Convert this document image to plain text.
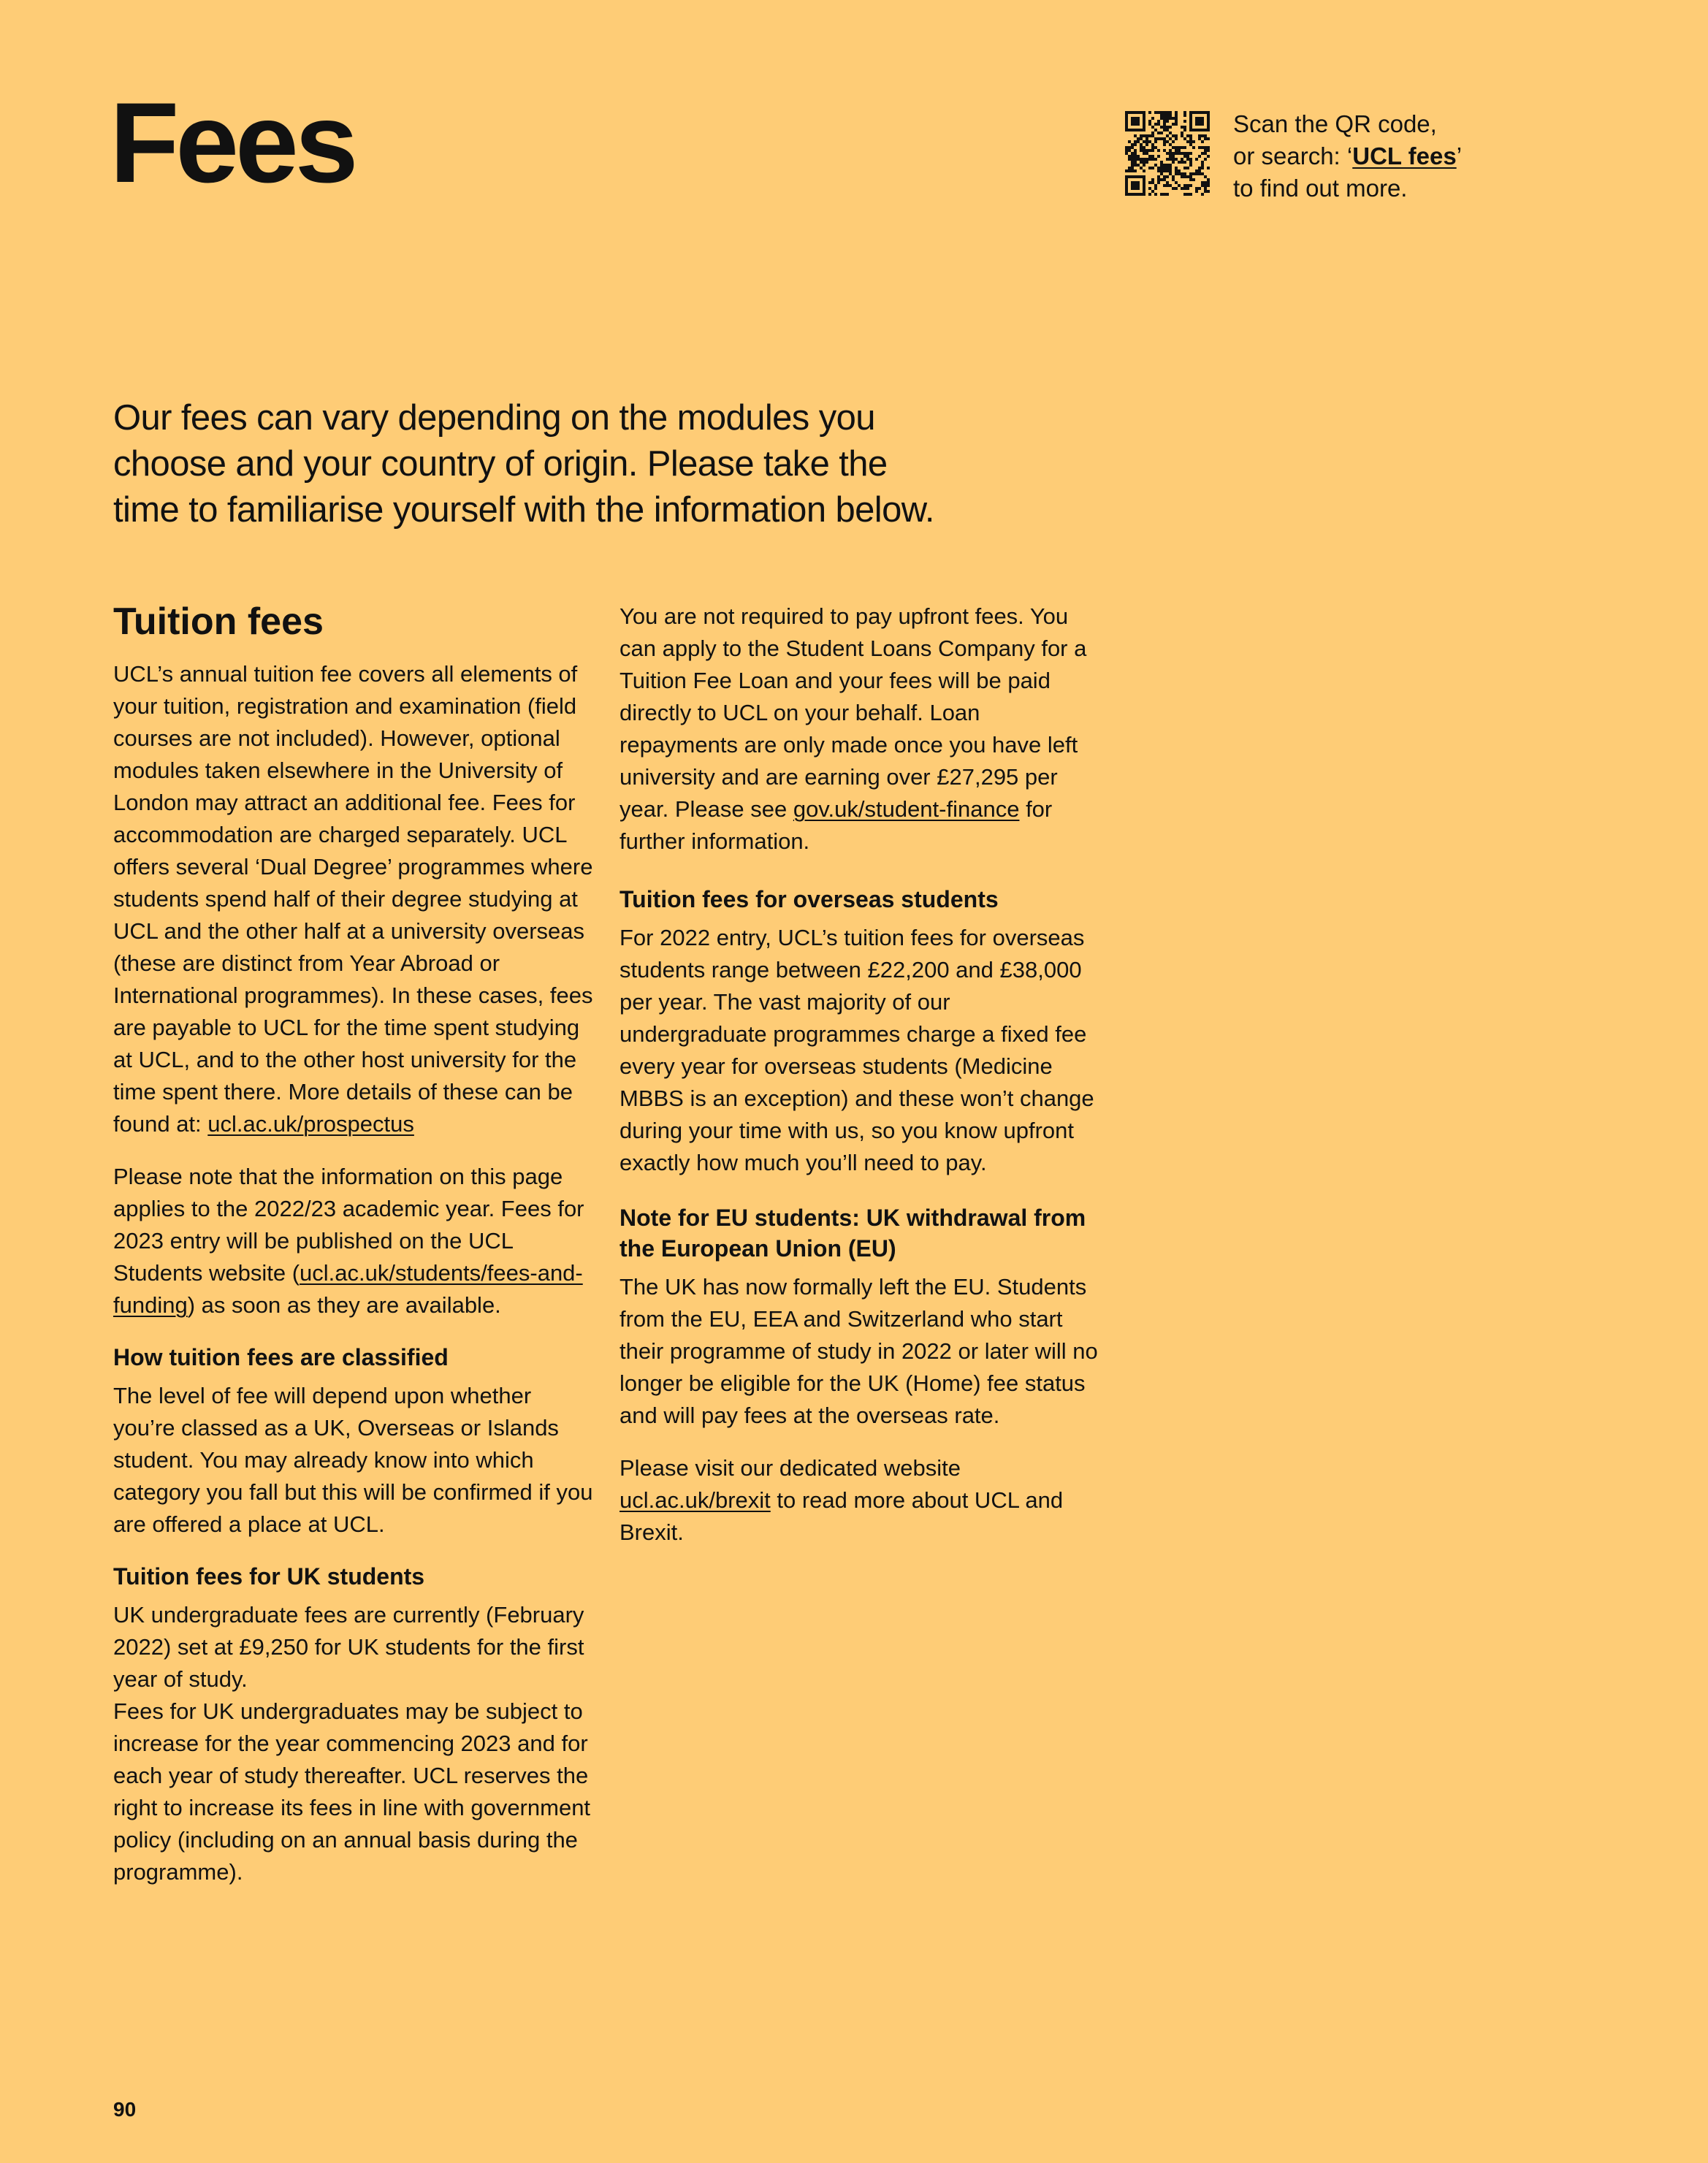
Fees	Scan the QR code,
or search: ‘UCL fees’
to find out more.
Our fees can vary depending on the modules you
choose and your country of origin. Please take the
time to familiarise yourself with the information below.
Tuition fees

UCL’s annual tuition fee covers all elements of your tuition, registration and examination (field courses are not included). However, optional modules taken elsewhere in the University of London may attract an additional fee. Fees for accommodation are charged separately. UCL offers several ‘Dual Degree’ programmes where students spend half of their degree studying at UCL and the other half at a university overseas (these are distinct from Year Abroad or International programmes). In these cases, fees are payable to UCL for the time spent studying at UCL, and to the other host university for the time spent there. More details of these can be found at: ucl.ac.uk/prospectus

Please note that the information on this page applies to the 2022/23 academic year. Fees for 2023 entry will be published on the UCL Students website (ucl.ac.uk/students/fees-and-funding) as soon as they are available.

How tuition fees are classified

The level of fee will depend upon whether you’re classed as a UK, Overseas or Islands student. You may already know into which category you fall but this will be confirmed if you are offered a place at UCL.

Tuition fees for UK students

UK undergraduate fees are currently (February 2022) set at £9,250 for UK students for the first year of study.
Fees for UK undergraduates may be subject to increase for the year commencing 2023 and for each year of study thereafter. UCL reserves the right to increase its fees in line with government policy (including on an annual basis during the programme).

You are not required to pay upfront fees. You can apply to the Student Loans Company for a Tuition Fee Loan and your fees will be paid directly to UCL on your behalf. Loan repayments are only made once you have left university and are earning over £27,295 per year. Please see gov.uk/student-finance for further information.

Tuition fees for overseas students

For 2022 entry, UCL’s tuition fees for overseas students range between £22,200 and £38,000 per year. The vast majority of our undergraduate programmes charge a fixed fee every year for overseas students (Medicine MBBS is an exception) and these won’t change during your time with us, so you know upfront exactly how much you’ll need to pay.

Note for EU students: UK withdrawal from the European Union (EU)

The UK has now formally left the EU. Students from the EU, EEA and Switzerland who start their programme of study in 2022 or later will no longer be eligible for the UK (Home) fee status and will pay fees at the overseas rate.

Please visit our dedicated website ucl.ac.uk/brexit to read more about UCL and Brexit.

90
